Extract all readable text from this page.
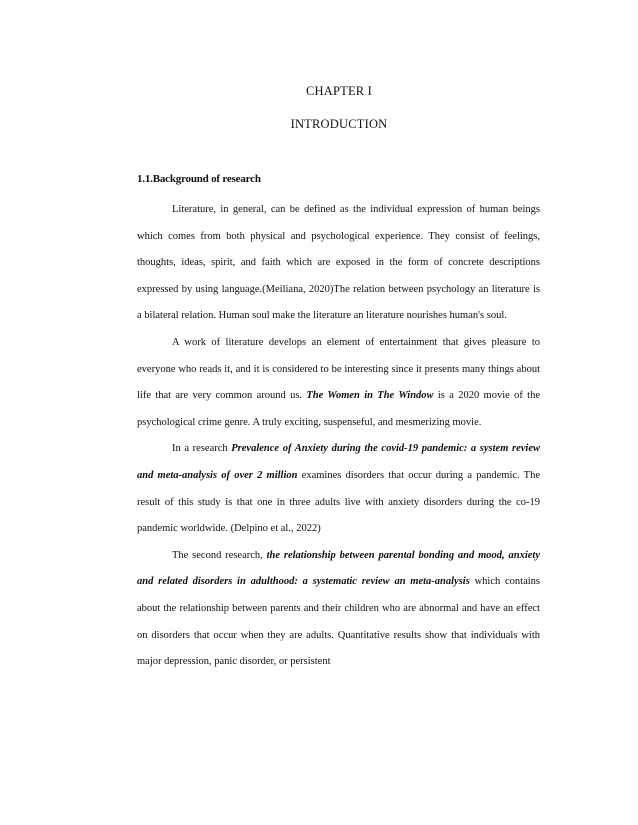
CHAPTER I
INTRODUCTION
1.1.Background of research

Literature, in general, can be defined as the individual expression of human beings which comes from both physical and psychological experience. They consist of feelings, thoughts, ideas, spirit, and faith which are exposed in the form of concrete descriptions expressed by using language.(Meiliana, 2020)The relation between psychology an literature is a bilateral relation. Human soul make the literature an literature nourishes human's soul.

A work of literature develops an element of entertainment that gives pleasure to everyone who reads it, and it is considered to be interesting since it presents many things about life that are very common around us. The Women in The Window is a 2020 movie of the psychological crime genre. A truly exciting, suspenseful, and mesmerizing movie.

In a research Prevalence of Anxiety during the covid-19 pandemic: a system review and meta-analysis of over 2 million examines disorders that occur during a pandemic. The result of this study is that one in three adults live with anxiety disorders during the co-19 pandemic worldwide. (Delpino et al., 2022)

The second research, the relationship between parental bonding and mood, anxiety and related disorders in adulthood: a systematic review an meta-analysis which contains about the relationship between parents and their children who are abnormal and have an effect on disorders that occur when they are adults. Quantitative results show that individuals with major depression, panic disorder, or persistent
